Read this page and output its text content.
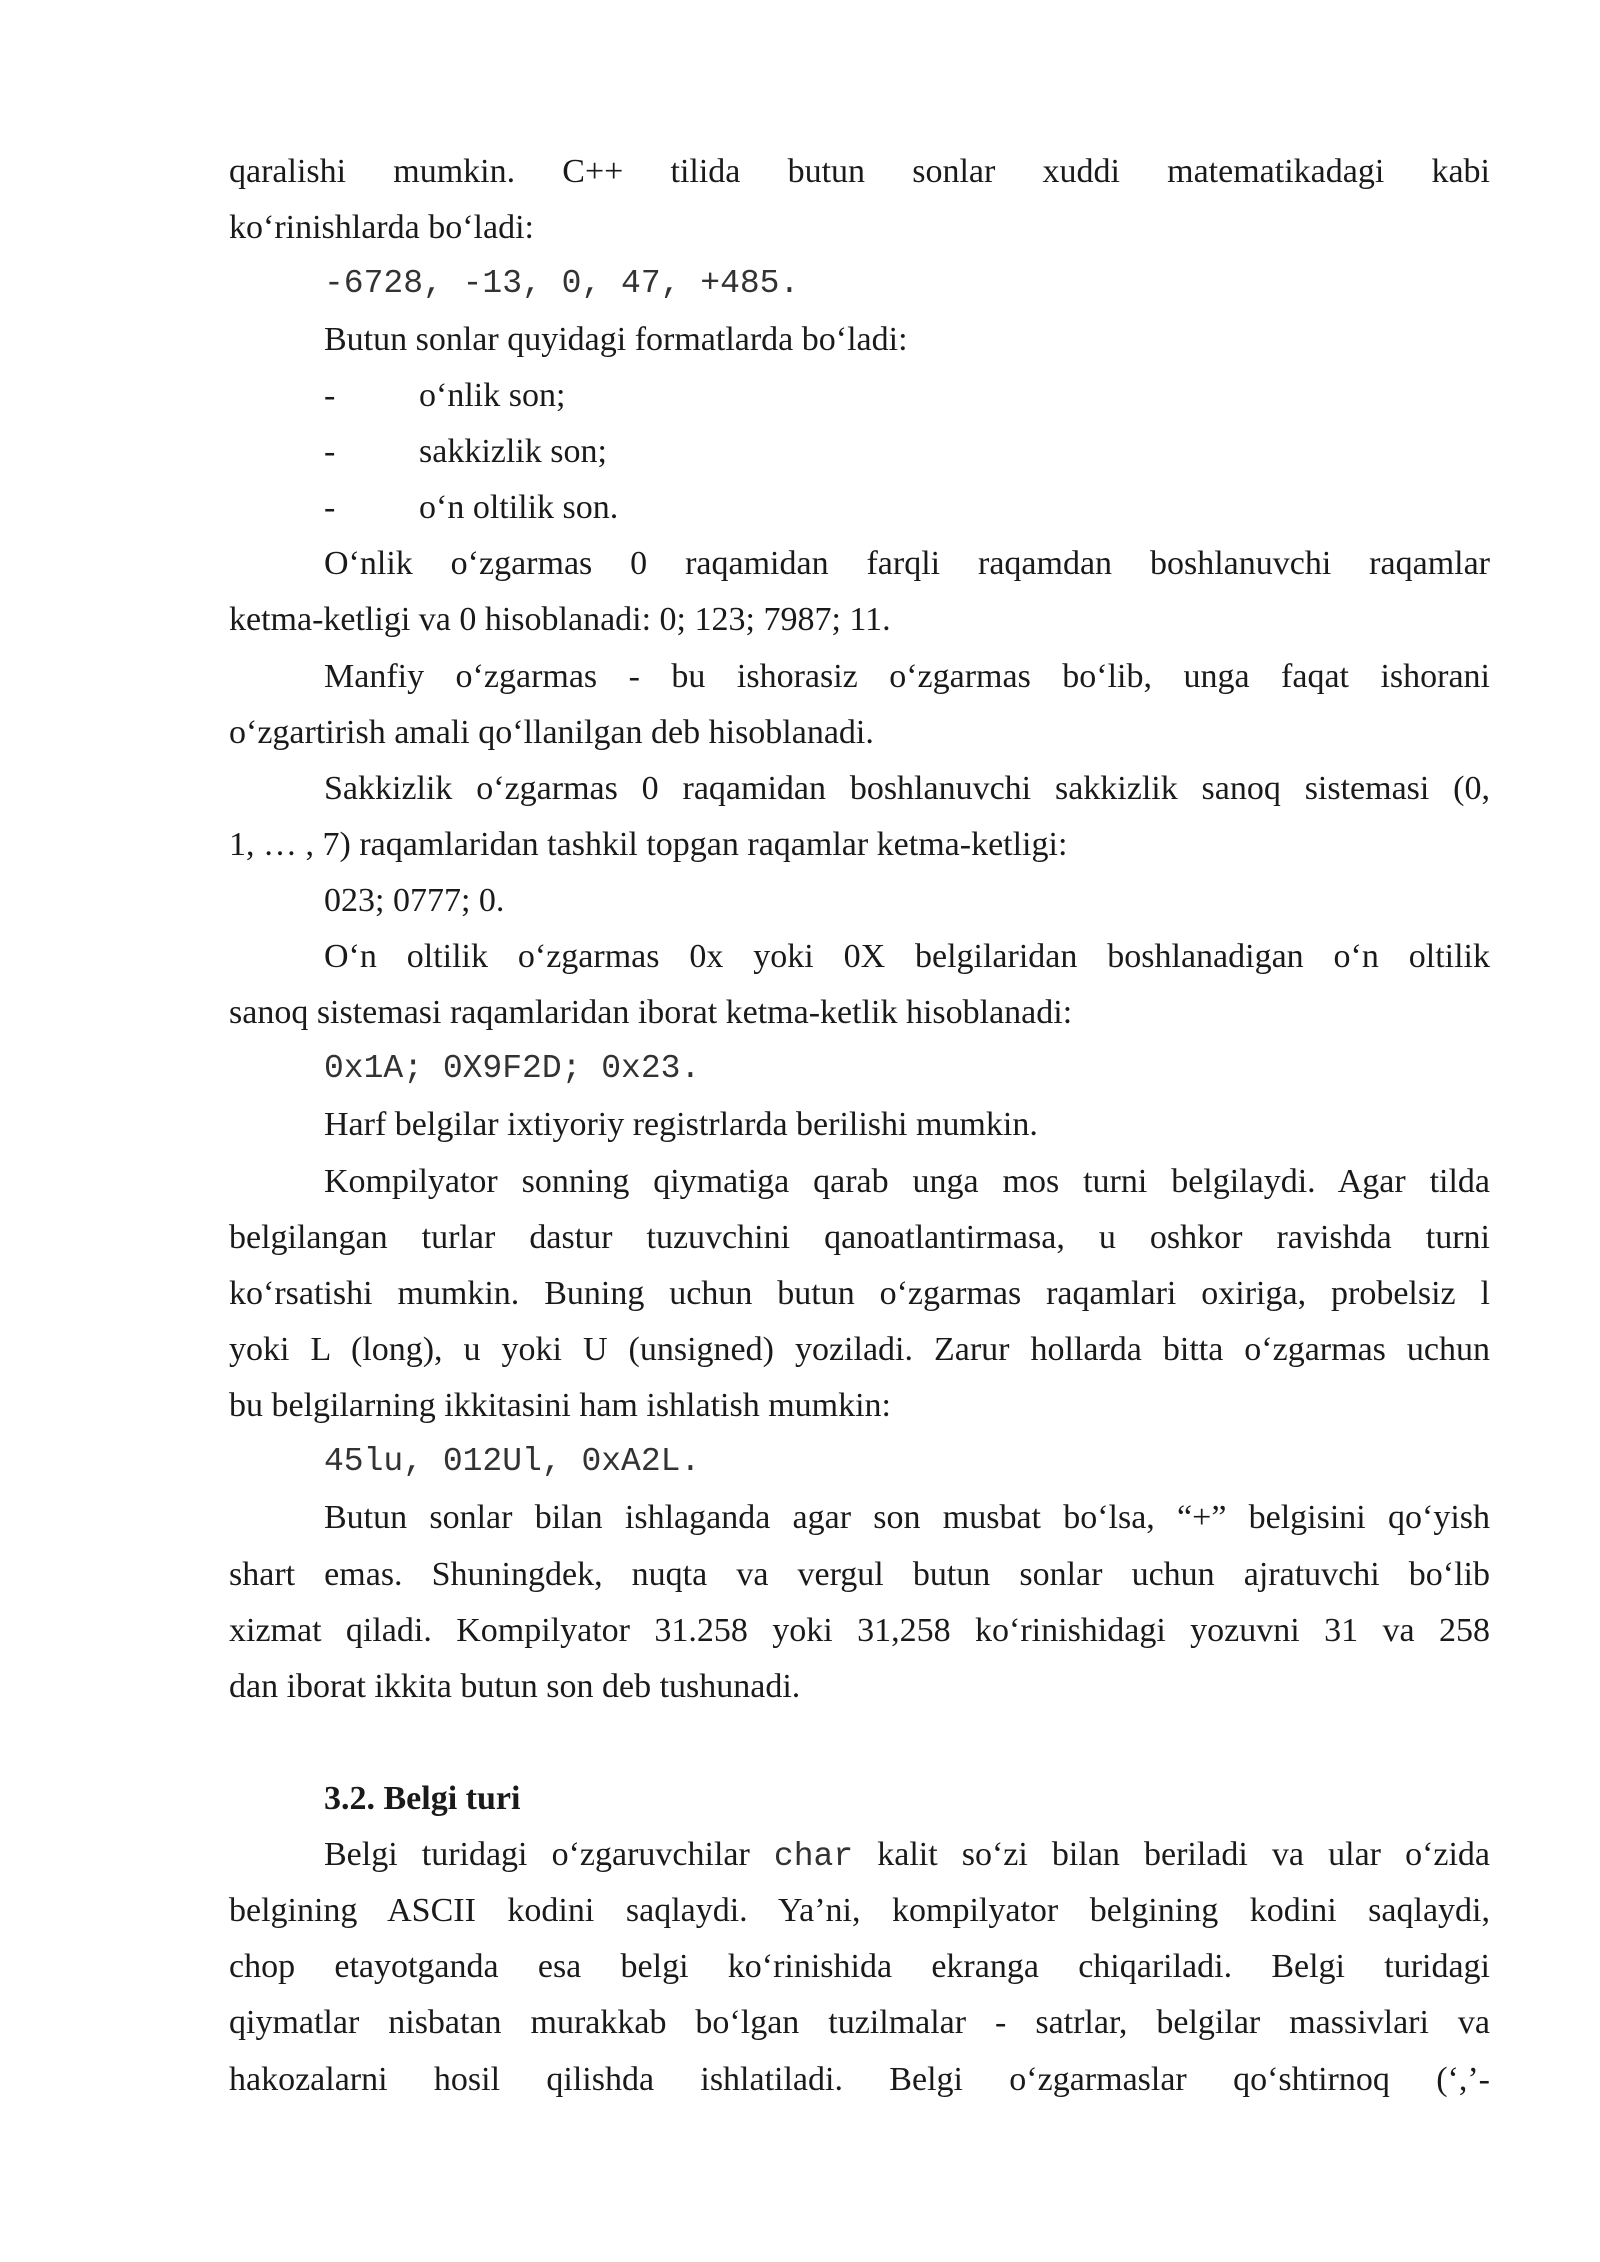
qaralishi mumkin. C++ tilida butun sonlar xuddi matematikadagi kabi
ko‘rinishlarda bo‘ladi:
-6728, -13, 0, 47, +485.
Butun sonlar quyidagi formatlarda bo‘ladi:
- o‘nlik son;
- sakkizlik son;
- o‘n oltilik son.
O‘nlik o‘zgarmas 0 raqamidan farqli raqamdan boshlanuvchi raqamlar
ketma-ketligi va 0 hisoblanadi: 0; 123; 7987; 11.
Manfiy o‘zgarmas - bu ishorasiz o‘zgarmas bo‘lib, unga faqat ishorani
o‘zgartirish amali qo‘llanilgan deb hisoblanadi.
Sakkizlik o‘zgarmas 0 raqamidan boshlanuvchi sakkizlik sanoq sistemasi (0,
1, … , 7) raqamlaridan tashkil topgan raqamlar ketma-ketligi:
023; 0777; 0.
O‘n oltilik o‘zgarmas 0x yoki 0X belgilaridan boshlanadigan o‘n oltilik
sanoq sistemasi raqamlaridan iborat ketma-ketlik hisoblanadi:
0x1A; 0X9F2D; 0x23.
Harf belgilar ixtiyoriy registrlarda berilishi mumkin.
Kompilyator sonning qiymatiga qarab unga mos turni belgilaydi. Agar tilda
belgilangan turlar dastur tuzuvchini qanoatlantirmasa, u oshkor ravishda turni
ko‘rsatishi mumkin. Buning uchun butun o‘zgarmas raqamlari oxiriga, probelsiz l
yoki L (long), u yoki U (unsigned) yoziladi. Zarur hollarda bitta o‘zgarmas uchun
bu belgilarning ikkitasini ham ishlatish mumkin:
45lu, 012Ul, 0xA2L.
Butun sonlar bilan ishlaganda agar son musbat bo‘lsa, “+” belgisini qo‘yish
shart emas. Shuningdek, nuqta va vergul butun sonlar uchun ajratuvchi bo‘lib
xizmat qiladi. Kompilyator 31.258 yoki 31,258 ko‘rinishidagi yozuvni 31 va 258
dan iborat ikkita butun son deb tushunadi.
3.2. Belgi turi
Belgi turidagi o‘zgaruvchilar char kalit so‘zi bilan beriladi va ular o‘zida
belgining ASCII kodini saqlaydi. Ya’ni, kompilyator belgining kodini saqlaydi,
chop etayotganda esa belgi ko‘rinishida ekranga chiqariladi. Belgi turidagi
qiymatlar nisbatan murakkab bo‘lgan tuzilmalar - satrlar, belgilar massivlari va
hakozalarni hosil qilishda ishlatiladi. Belgi o‘zgarmaslar qo‘shtirnoq (‘,’-
